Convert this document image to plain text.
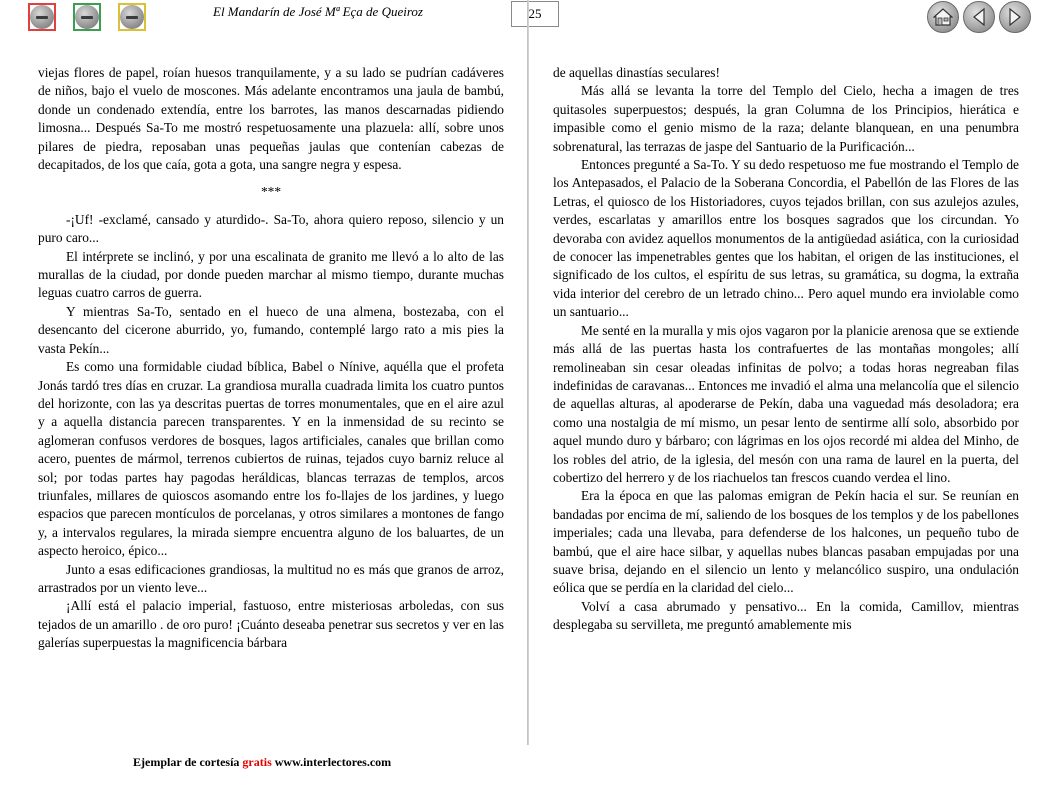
El Mandarín de José Mª Eça de Queiroz	25

viejas flores de papel, roían huesos tranquilamente, y a su lado se pudrían cadáveres de niños, bajo el vuelo de moscones. Más adelante encontramos una jaula de bambú, donde un condenado extendía, entre los barrotes, las manos descarnadas pidiendo limosna... Después Sa-To me mostró respetuosamente una plazuela: allí, sobre unos pilares de piedra, reposaban unas pequeñas jaulas que contenían cabezas de decapitados, de los que caía, gota a gota, una sangre negra y espesa.

***

-¡Uf! -exclamé, cansado y aturdido-. Sa-To, ahora quiero reposo, silencio y un puro caro...

El intérprete se inclinó, y por una escalinata de granito me llevó a lo alto de las murallas de la ciudad, por donde pueden marchar al mismo tiempo, durante muchas leguas cuatro carros de guerra.

Y mientras Sa-To, sentado en el hueco de una almena, bostezaba, con el desencanto del cicerone aburrido, yo, fumando, contemplé largo rato a mis pies la vasta Pekín...

Es como una formidable ciudad bíblica, Babel o Nínive, aquélla que el profeta Jonás tardó tres días en cruzar. La grandiosa muralla cuadrada limita los cuatro puntos del horizonte, con las ya descritas puertas de torres monumentales, que en el aire azul y a aquella distancia parecen transparentes. Y en la inmensidad de su recinto se aglomeran confusos verdores de bosques, lagos artificiales, canales que brillan como acero, puentes de mármol, terrenos cubiertos de ruinas, tejados cuyo barniz reluce al sol; por todas partes hay pagodas heráldicas, blancas terrazas de templos, arcos triunfales, millares de quioscos asomando entre los fo-llajes de los jardines, y luego espacios que parecen montículos de porcelanas, y otros similares a montones de fango y, a intervalos regulares, la mirada siempre encuentra alguno de los baluartes, de un aspecto heroico, épico...

Junto a esas edificaciones grandiosas, la multitud no es más que granos de arroz, arrastrados por un viento leve...

¡Allí está el palacio imperial, fastuoso, entre misteriosas arboledas, con sus tejados de un amarillo . de oro puro! ¡Cuánto deseaba penetrar sus secretos y ver en las galerías superpuestas la magnificencia bárbara

de aquellas dinastías seculares!

Más allá se levanta la torre del Templo del Cielo, hecha a imagen de tres quitasoles superpuestos; después, la gran Columna de los Principios, hierática e impasible como el genio mismo de la raza; delante blanquean, en una penumbra sobrenatural, las terrazas de jaspe del Santuario de la Purificación...

Entonces pregunté a Sa-To. Y su dedo respetuoso me fue mostrando el Templo de los Antepasados, el Palacio de la Soberana Concordia, el Pabellón de las Flores de las Letras, el quiosco de los Historiadores, cuyos tejados brillan, con sus azulejos azules, verdes, escarlatas y amarillos entre los bosques sagrados que los circundan. Yo devoraba con avidez aquellos monumentos de la antigüedad asiática, con la curiosidad de conocer las impenetrables gentes que los habitan, el origen de las instituciones, el significado de los cultos, el espíritu de sus letras, su gramática, su dogma, la extraña vida interior del cerebro de un letrado chino... Pero aquel mundo era inviolable como un santuario...

Me senté en la muralla y mis ojos vagaron por la planicie arenosa que se extiende más allá de las puertas hasta los contrafuertes de las montañas mongoles; allí remolineaban sin cesar oleadas infinitas de polvo; a todas horas negreaban filas indefinidas de caravanas... Entonces me invadió el alma una melancolía que el silencio de aquellas alturas, al apoderarse de Pekín, daba una vaguedad más desoladora; era como una nostalgia de mí mismo, un pesar lento de sentirme allí solo, absorbido por aquel mundo duro y bárbaro; con lágrimas en los ojos recordé mi aldea del Minho, de los robles del atrio, de la iglesia, del mesón con una rama de laurel en la puerta, del cobertizo del herrero y de los riachuelos tan frescos cuando verdea el lino.

Era la época en que las palomas emigran de Pekín hacia el sur. Se reunían en bandadas por encima de mí, saliendo de los bosques de los templos y de los pabellones imperiales; cada una llevaba, para defenderse de los halcones, un pequeño tubo de bambú, que el aire hace silbar, y aquellas nubes blancas pasaban empujadas por una suave brisa, dejando en el silencio un lento y melancólico suspiro, una ondulación eólica que se perdía en la claridad del cielo...

Volví a casa abrumado y pensativo... En la comida, Camillov, mientras desplegaba su servilleta, me preguntó amablemente mis

Ejemplar de cortesía gratis www.interlectores.com
